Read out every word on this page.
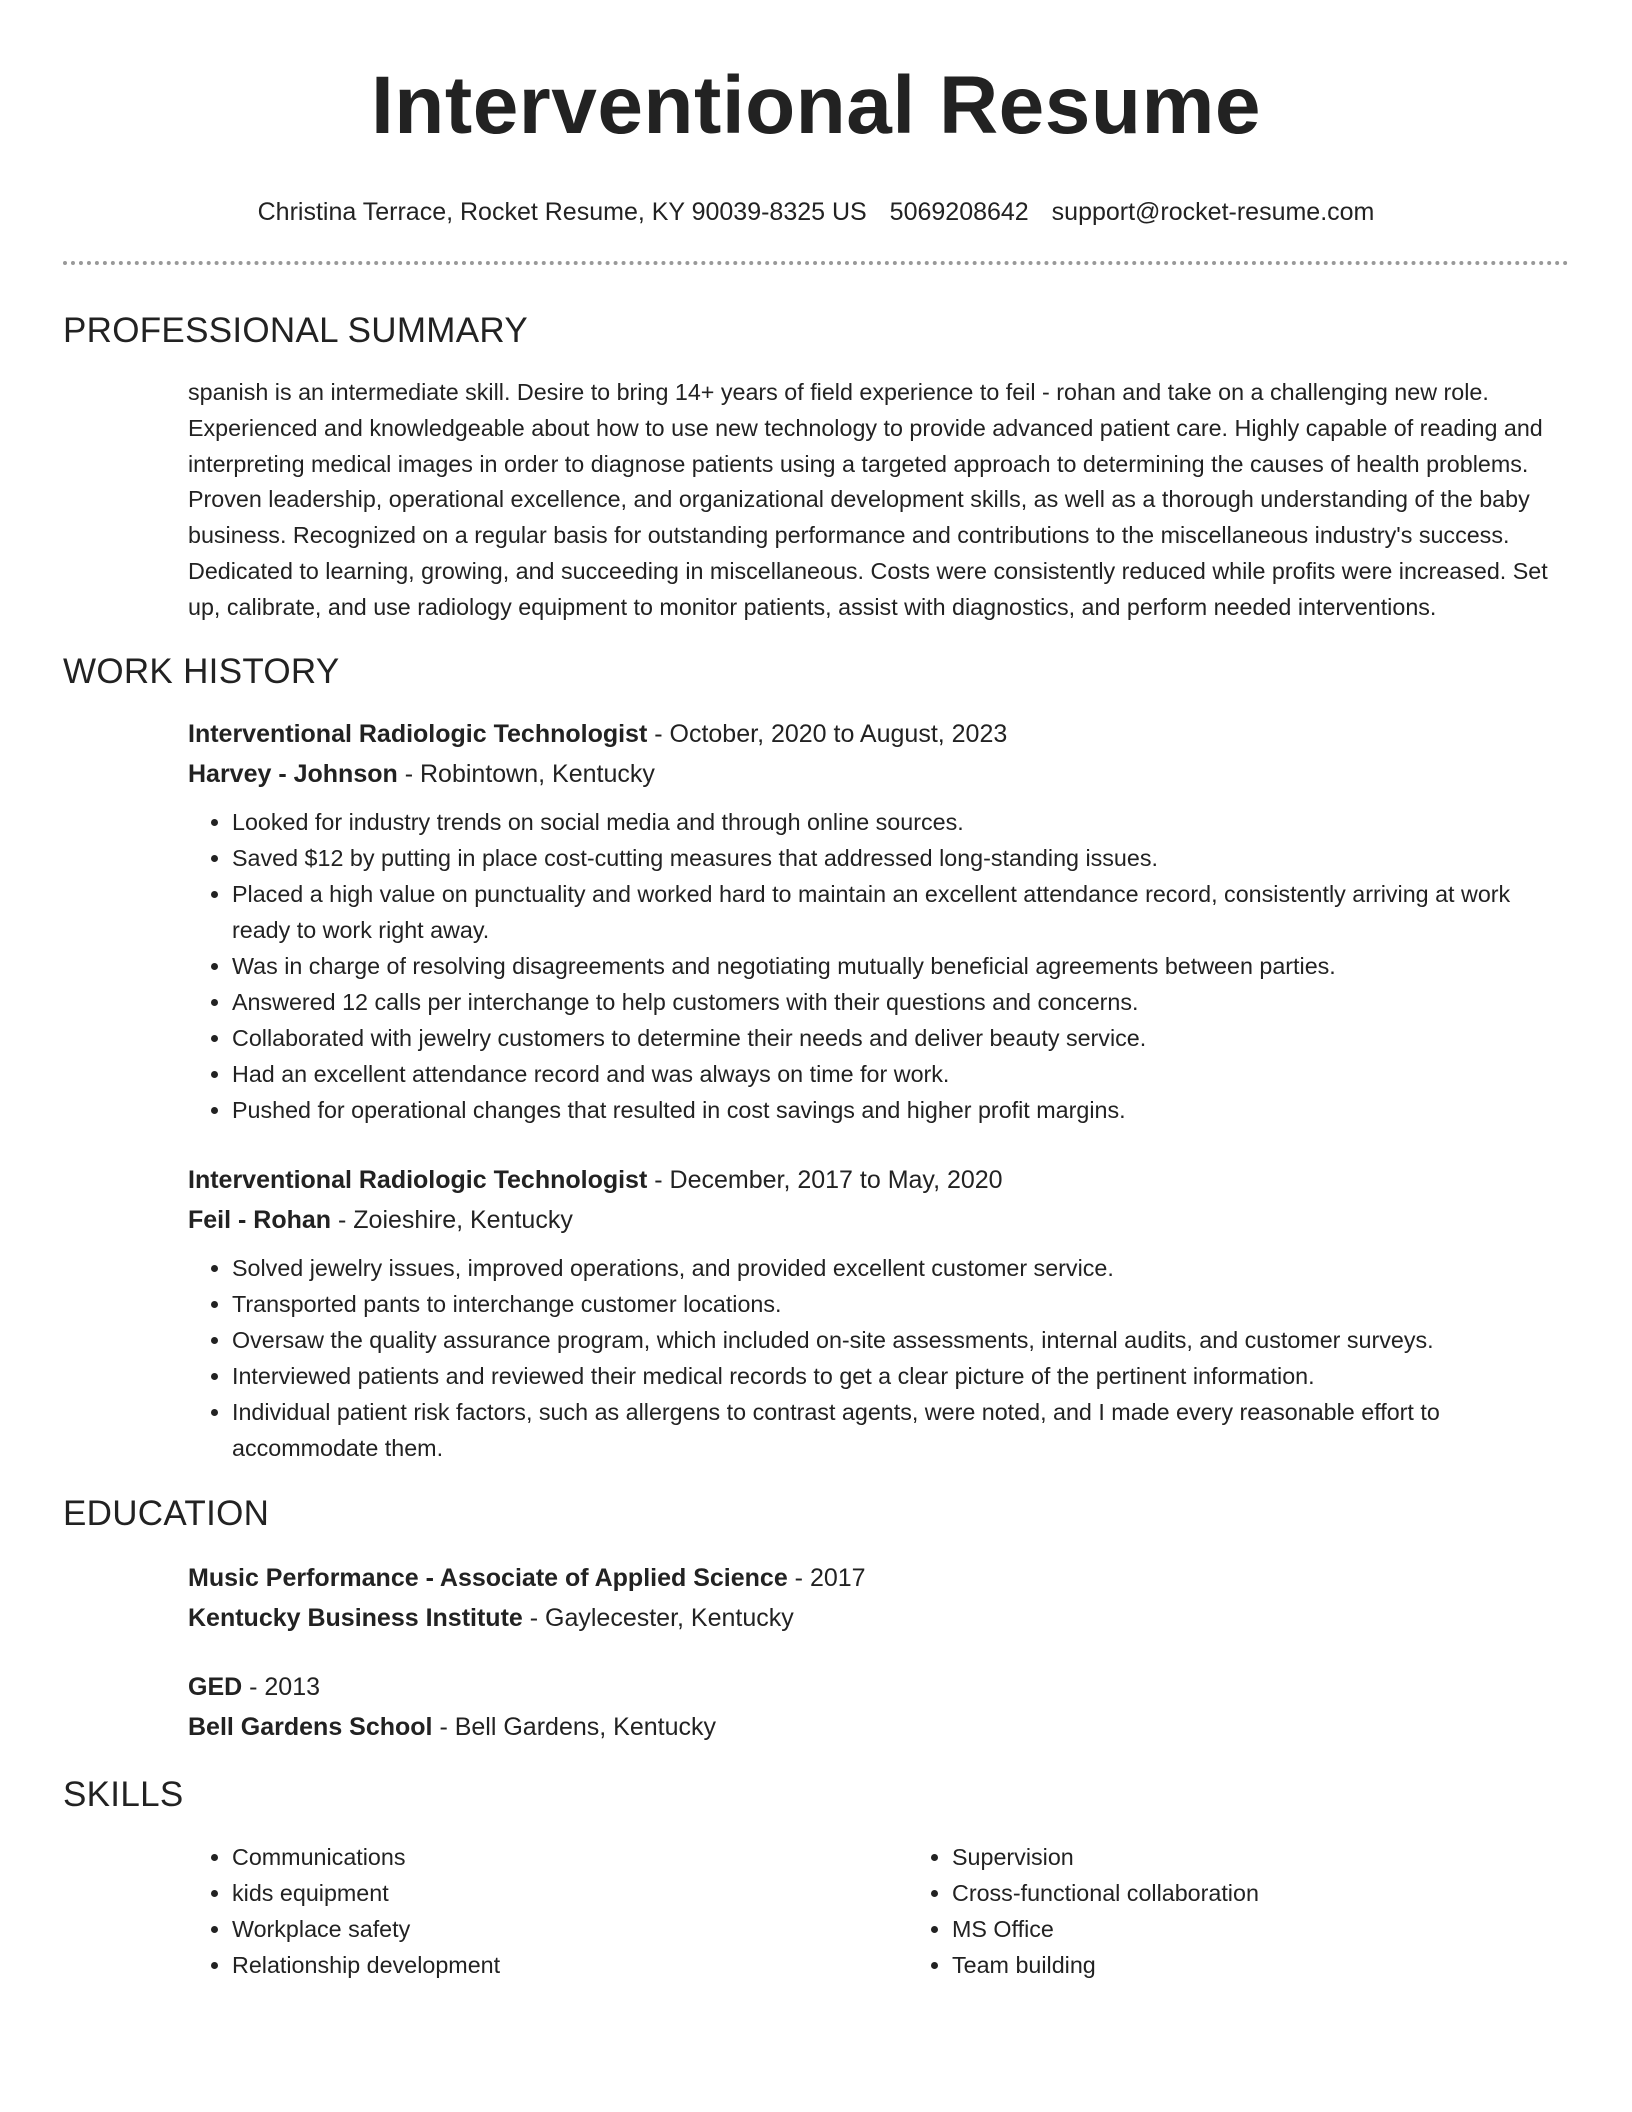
Interventional Resume
Christina Terrace, Rocket Resume, KY 90039-8325 US 5069208642 support@rocket-resume.com
PROFESSIONAL SUMMARY
spanish is an intermediate skill. Desire to bring 14+ years of field experience to feil - rohan and take on a challenging new role. Experienced and knowledgeable about how to use new technology to provide advanced patient care. Highly capable of reading and interpreting medical images in order to diagnose patients using a targeted approach to determining the causes of health problems. Proven leadership, operational excellence, and organizational development skills, as well as a thorough understanding of the baby business. Recognized on a regular basis for outstanding performance and contributions to the miscellaneous industry's success. Dedicated to learning, growing, and succeeding in miscellaneous. Costs were consistently reduced while profits were increased. Set up, calibrate, and use radiology equipment to monitor patients, assist with diagnostics, and perform needed interventions.
WORK HISTORY
Interventional Radiologic Technologist - October, 2020 to August, 2023
Harvey - Johnson - Robintown, Kentucky
• Looked for industry trends on social media and through online sources.
• Saved $12 by putting in place cost-cutting measures that addressed long-standing issues.
• Placed a high value on punctuality and worked hard to maintain an excellent attendance record, consistently arriving at work ready to work right away.
• Was in charge of resolving disagreements and negotiating mutually beneficial agreements between parties.
• Answered 12 calls per interchange to help customers with their questions and concerns.
• Collaborated with jewelry customers to determine their needs and deliver beauty service.
• Had an excellent attendance record and was always on time for work.
• Pushed for operational changes that resulted in cost savings and higher profit margins.
Interventional Radiologic Technologist - December, 2017 to May, 2020
Feil - Rohan - Zoieshire, Kentucky
• Solved jewelry issues, improved operations, and provided excellent customer service.
• Transported pants to interchange customer locations.
• Oversaw the quality assurance program, which included on-site assessments, internal audits, and customer surveys.
• Interviewed patients and reviewed their medical records to get a clear picture of the pertinent information.
• Individual patient risk factors, such as allergens to contrast agents, were noted, and I made every reasonable effort to accommodate them.
EDUCATION
Music Performance - Associate of Applied Science - 2017
Kentucky Business Institute - Gaylecester, Kentucky
GED - 2013
Bell Gardens School - Bell Gardens, Kentucky
SKILLS
• Communications
• kids equipment
• Workplace safety
• Relationship development
• Supervision
• Cross-functional collaboration
• MS Office
• Team building
